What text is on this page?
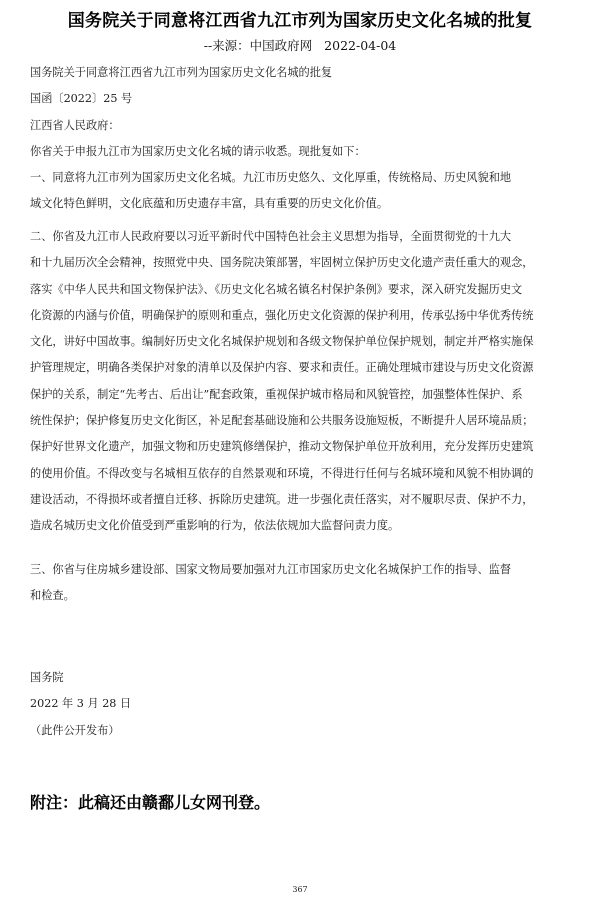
国务院关于同意将江西省九江市列为国家历史文化名城的批复
--来源：中国政府网 2022-04-04
国务院关于同意将江西省九江市列为国家历史文化名城的批复
国函〔2022〕25 号
江西省人民政府：
你省关于申报九江市为国家历史文化名城的请示收悉。现批复如下：
一、同意将九江市列为国家历史文化名城。九江市历史悠久、文化厚重，传统格局、历史风貌和地
域文化特色鲜明，文化底蕴和历史遗存丰富，具有重要的历史文化价值。
二、你省及九江市人民政府要以习近平新时代中国特色社会主义思想为指导，全面贯彻党的十九大
和十九届历次全会精神，按照党中央、国务院决策部署，牢固树立保护历史文化遗产责任重大的观念，
落实《中华人民共和国文物保护法》、《历史文化名城名镇名村保护条例》要求，深入研究发掘历史文
化资源的内涵与价值，明确保护的原则和重点，强化历史文化资源的保护利用，传承弘扬中华优秀传统
文化，讲好中国故事。编制好历史文化名城保护规划和各级文物保护单位保护规划，制定并严格实施保
护管理规定，明确各类保护对象的清单以及保护内容、要求和责任。正确处理城市建设与历史文化资源
保护的关系，制定“先考古、后出让”配套政策，重视保护城市格局和风貌管控，加强整体性保护、系
统性保护；保护修复历史文化街区，补足配套基础设施和公共服务设施短板，不断提升人居环境品质；
保护好世界文化遗产，加强文物和历史建筑修缮保护，推动文物保护单位开放利用，充分发挥历史建筑
的使用价值。不得改变与名城相互依存的自然景观和环境，不得进行任何与名城环境和风貌不相协调的
建设活动，不得损坏或者擅自迁移、拆除历史建筑。进一步强化责任落实，对不履职尽责、保护不力，
造成名城历史文化价值受到严重影响的行为，依法依规加大监督问责力度。
三、你省与住房城乡建设部、国家文物局要加强对九江市国家历史文化名城保护工作的指导、监督
和检查。
国务院
2022 年 3 月 28 日
（此件公开发布）
附注：此稿还由赣鄱儿女网刊登。
367
